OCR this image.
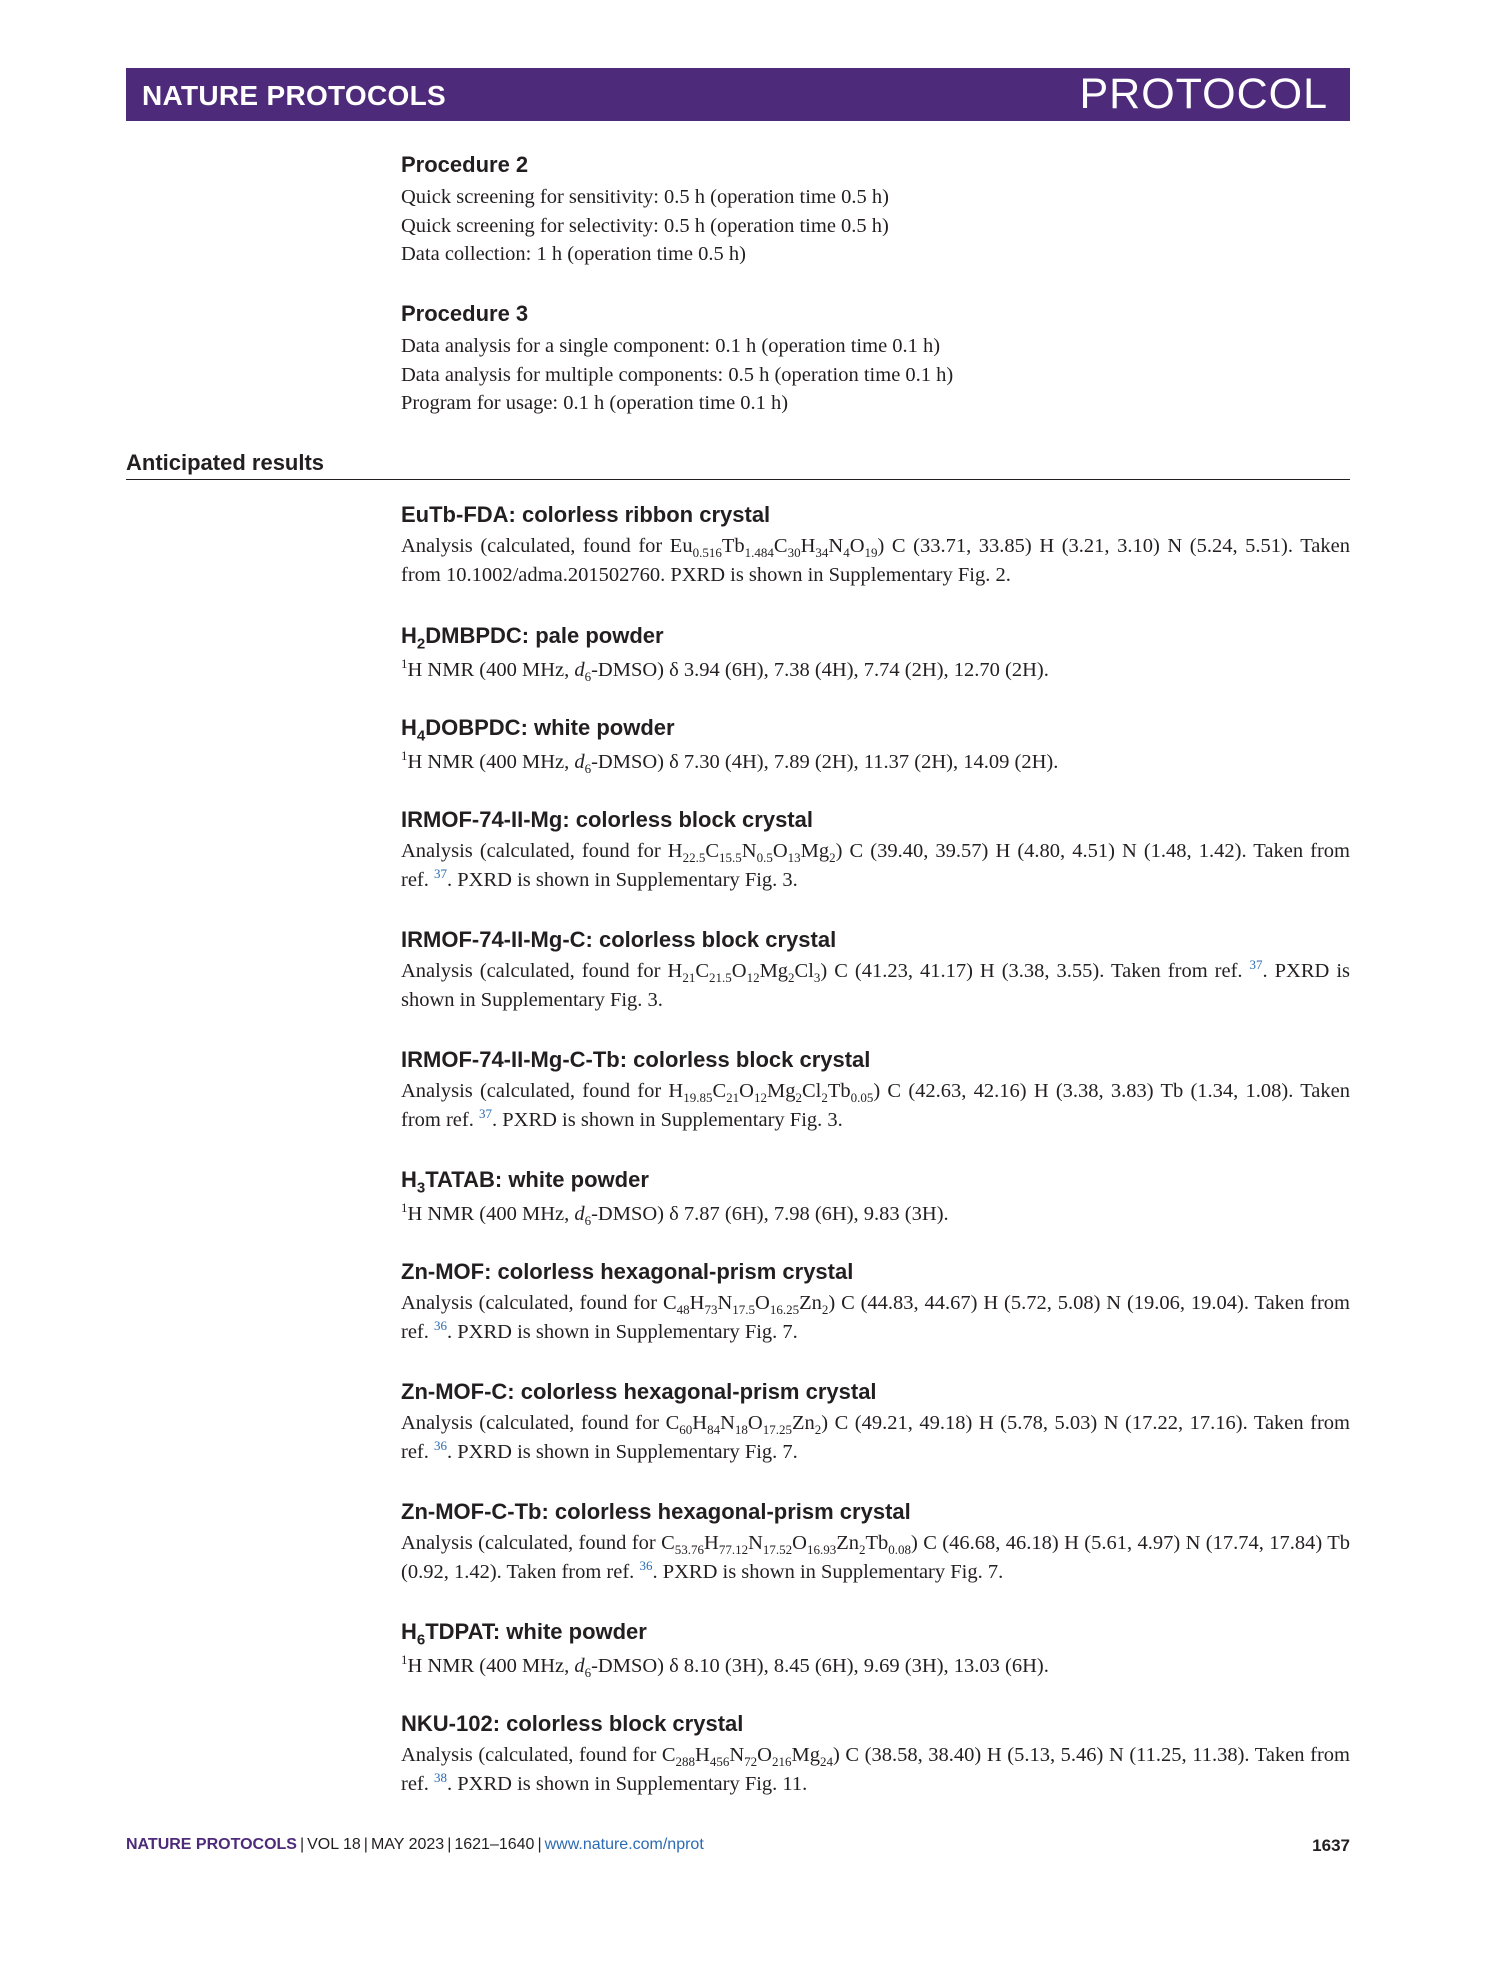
NATURE PROTOCOLS	PROTOCOL
Procedure 2
Quick screening for sensitivity: 0.5 h (operation time 0.5 h)
Quick screening for selectivity: 0.5 h (operation time 0.5 h)
Data collection: 1 h (operation time 0.5 h)
Procedure 3
Data analysis for a single component: 0.1 h (operation time 0.1 h)
Data analysis for multiple components: 0.5 h (operation time 0.1 h)
Program for usage: 0.1 h (operation time 0.1 h)
Anticipated results
EuTb-FDA: colorless ribbon crystal
Analysis (calculated, found for $Eu_{0.516}Tb_{1.484}C_{30}H_{34}N_4O_{19}$) C (33.71, 33.85) H (3.21, 3.10) N (5.24, 5.51). Taken from 10.1002/adma.201502760. PXRD is shown in Supplementary Fig. 2.
$H_2DMBPDC$: pale powder
$^1$H NMR (400 MHz, $d_6-DMSO$) δ 3.94 (6H), 7.38 (4H), 7.74 (2H), 12.70 (2H).
$H_4DOBPDC$: white powder
$^1$H NMR (400 MHz, $d_6-DMSO$) δ 7.30 (4H), 7.89 (2H), 11.37 (2H), 14.09 (2H).
IRMOF-74-II-Mg: colorless block crystal
Analysis (calculated, found for $H_{22.5}C_{15.5}N_{0.5}O_{13}Mg_2$) C (39.40, 39.57) H (4.80, 4.51) N (1.48, 1.42). Taken from ref. $^{37}$. PXRD is shown in Supplementary Fig. 3.
IRMOF-74-II-Mg-C: colorless block crystal
Analysis (calculated, found for $H_{21}C_{21.5}O_{12}Mg_2Cl_3$) C (41.23, 41.17) H (3.38, 3.55). Taken from ref. $^{37}$. PXRD is shown in Supplementary Fig. 3.
IRMOF-74-II-Mg-C-Tb: colorless block crystal
Analysis (calculated, found for $H_{19.85}C_{21}O_{12}Mg_2Cl_2Tb_{0.05}$) C (42.63, 42.16) H (3.38, 3.83) Tb (1.34, 1.08). Taken from ref. $^{37}$. PXRD is shown in Supplementary Fig. 3.
$H_3TATAB$: white powder
$^1$H NMR (400 MHz, $d_6-DMSO$) δ 7.87 (6H), 7.98 (6H), 9.83 (3H).
Zn-MOF: colorless hexagonal-prism crystal
Analysis (calculated, found for $C_{48}H_{73}N_{17.5}O_{16.25}Zn_2$) C (44.83, 44.67) H (5.72, 5.08) N (19.06, 19.04). Taken from ref. $^{36}$. PXRD is shown in Supplementary Fig. 7.
Zn-MOF-C: colorless hexagonal-prism crystal
Analysis (calculated, found for $C_{60}H_{84}N_{18}O_{17.25}Zn_2$) C (49.21, 49.18) H (5.78, 5.03) N (17.22, 17.16). Taken from ref. $^{36}$. PXRD is shown in Supplementary Fig. 7.
Zn-MOF-C-Tb: colorless hexagonal-prism crystal
Analysis (calculated, found for $C_{53.76}H_{77.12}N_{17.52}O_{16.93}Zn_2Tb_{0.08}$) C (46.68, 46.18) H (5.61, 4.97) N (17.74, 17.84) Tb (0.92, 1.42). Taken from ref. $^{36}$. PXRD is shown in Supplementary Fig. 7.
$H_6TDPAT$: white powder
$^1$H NMR (400 MHz, $d_6-DMSO$) δ 8.10 (3H), 8.45 (6H), 9.69 (3H), 13.03 (6H).
NKU-102: colorless block crystal
Analysis (calculated, found for $C_{288}H_{456}N_{72}O_{216}Mg_{24}$) C (38.58, 38.40) H (5.13, 5.46) N (11.25, 11.38). Taken from ref. $^{38}$. PXRD is shown in Supplementary Fig. 11.
NATURE PROTOCOLS | VOL 18 | MAY 2023 | 1621–1640 | www.nature.com/nprot	1637
